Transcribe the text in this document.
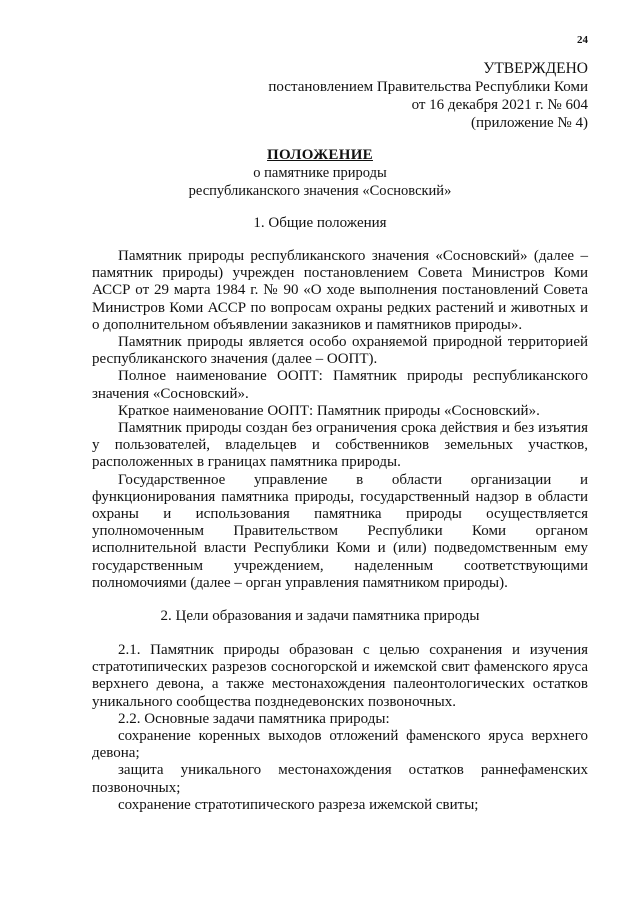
24
УТВЕРЖДЕНО
постановлением Правительства Республики Коми
от 16 декабря 2021 г. № 604
(приложение № 4)
ПОЛОЖЕНИЕ
о памятнике природы
республиканского значения «Сосновский»
1. Общие положения

Памятник природы республиканского значения «Сосновский» (далее – памятник природы) учрежден постановлением Совета Министров Коми АССР от 29 марта 1984 г. № 90 «О ходе выполнения постановлений Совета Министров Коми АССР по вопросам охраны редких растений и животных и о дополнительном объявлении заказников и памятников природы».

Памятник природы является особо охраняемой природной территорией республиканского значения (далее – ООПТ).

Полное наименование ООПТ: Памятник природы республиканского значения «Сосновский».

Краткое наименование ООПТ: Памятник природы «Сосновский».

Памятник природы создан без ограничения срока действия и без изъятия у пользователей, владельцев и собственников земельных участков, расположенных в границах памятника природы.

Государственное управление в области организации и функционирования памятника природы, государственный надзор в области охраны и использования памятника природы осуществляется уполномоченным Правительством Республики Коми органом исполнительной власти Республики Коми и (или) подведомственным ему государственным учреждением, наделенным соответствующими полномочиями (далее – орган управления памятником природы).

2. Цели образования и задачи памятника природы

2.1. Памятник природы образован с целью сохранения и изучения стратотипических разрезов сосногорской и ижемской свит фаменского яруса верхнего девона, а также местонахождения палеонтологических остатков уникального сообщества позднедевонских позвоночных.

2.2. Основные задачи памятника природы:

сохранение коренных выходов отложений фаменского яруса верхнего девона;

защита уникального местонахождения остатков раннефаменских позвоночных;

сохранение стратотипического разреза ижемской свиты;
